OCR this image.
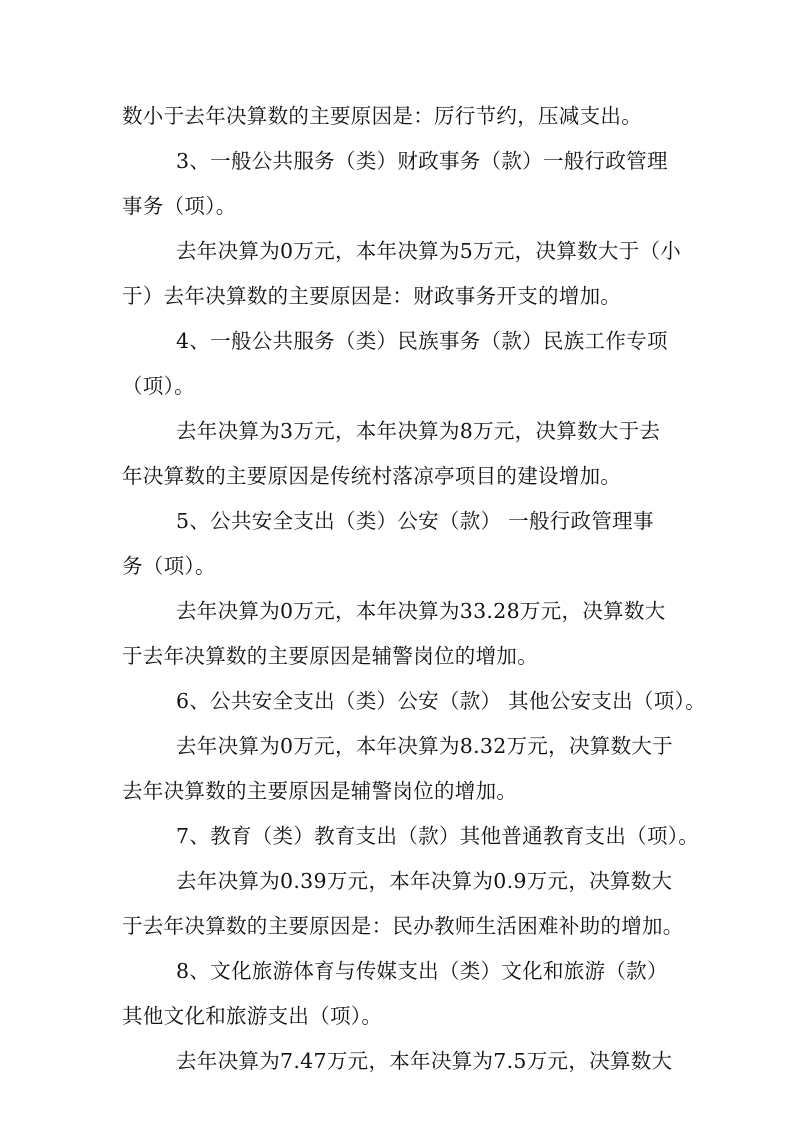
数小于去年决算数的主要原因是：厉行节约，压减支出。
3、一般公共服务（类）财政事务（款）一般行政管理
事务（项）。
去年决算为0万元，本年决算为5万元，决算数大于（小
于）去年决算数的主要原因是：财政事务开支的增加。
4、一般公共服务（类）民族事务（款）民族工作专项
（项）。
去年决算为3万元，本年决算为8万元，决算数大于去
年决算数的主要原因是传统村落凉亭项目的建设增加。
5、公共安全支出（类）公安（款） 一般行政管理事
务（项）。
去年决算为0万元，本年决算为33.28万元，决算数大
于去年决算数的主要原因是辅警岗位的增加。
6、公共安全支出（类）公安（款） 其他公安支出（项）。
去年决算为0万元，本年决算为8.32万元，决算数大于
去年决算数的主要原因是辅警岗位的增加。
7、教育（类）教育支出（款）其他普通教育支出（项）。
去年决算为0.39万元，本年决算为0.9万元，决算数大
于去年决算数的主要原因是：民办教师生活困难补助的增加。
8、文化旅游体育与传媒支出（类）文化和旅游（款）
其他文化和旅游支出（项）。
去年决算为7.47万元，本年决算为7.5万元，决算数大
